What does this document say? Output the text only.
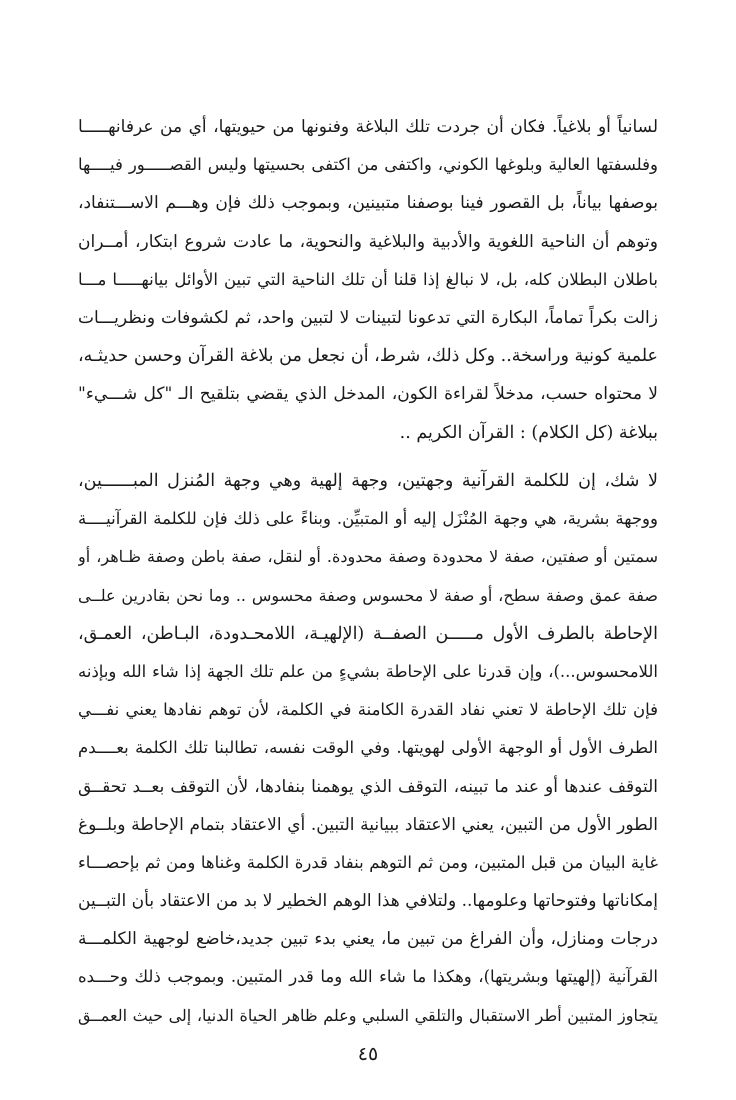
لسانياً أو بلاغياً. فكان أن جردت تلك البلاغة وفنونها من حيويتها، أي من عرفانه‍ـــــا
وفلسفتها العالية وبلوغها الكوني، واكتفى من اكتفى بحسيتها وليس القصـــــور فيــــها
بوصفها بياناً، بل القصور فينا بوصفنا متبينين، وبموجب ذلك فإن وهـــم الاســـتنفاد،
وتوهم أن الناحية اللغوية والأدبية والبلاغية والنحوية، ما عادت شروع ابتكار، أمــران
باطلان البطلان كله، بل، لا نبالغ إذا قلنا أن تلك الناحية التي تبين الأوائل بيانه‍ـــــا مـــا
زالت بكراً تماماً، البكارة التي تدعونا لتبينات لا لتبين واحد، ثم لكشوفات ونظريـــات
علمية كونية وراسخة.. وكل ذلك، شرط، أن نجعل من بلاغة القرآن وحسن حديثـه،
لا محتواه حسب، مدخلاً لقراءة الكون، المدخل الذي يقضي بتلقيح الـ "كل شـــيء"
ببلاغة (كل الكلام) : القرآن الكريم ..
لا شك، إن للكلمة القرآنية وجهتين، وجهة إلهية وهي وجهة المُنزل المبــــــين،
ووجهة بشرية، هي وجهة المُنْزَل إليه أو المتبيِّن. وبناءً على ذلك فإن للكلمة القرآنيــــة
سمتين أو صفتين، صفة لا محدودة وصفة محدودة. أو لنقل، صفة باطن وصفة ظـاهر، أو
صفة عمق وصفة سطح، أو صفة لا محسوس وصفة محسوس .. وما نحن بقادرين علــى
الإحاطة بالطرف الأول مـــــن الصفــة (الإلهيـة، اللامحـدودة، البـاطن، العمـق،
اللامحسوس...)، وإن قدرنا على الإحاطة بشيءٍ من علم تلك الجهة إذا شاء الله وبإذنه
فإن تلك الإحاطة لا تعني نفاد القدرة الكامنة في الكلمة، لأن توهم نفادها يعني نفـــي
الطرف الأول أو الوجهة الأولى لهويتها. وفي الوقت نفسه، تطالبنا تلك الكلمة بعــــدم
التوقف عندها أو عند ما تبينه، التوقف الذي يوهمنا بنفادها، لأن التوقف بعــد تحقــق
الطور الأول من التبين، يعني الاعتقاد ببيانية التبين. أي الاعتقاد بتمام الإحاطة وبلــوغ
غاية البيان من قبل المتبين، ومن ثم التوهم بنفاد قدرة الكلمة وغناها ومن ثم بإحصـــاء
إمكاناتها وفتوحاتها وعلومها.. ولتلافي هذا الوهم الخطير لا بد من الاعتقاد بأن التبــين
درجات ومنازل، وأن الفراغ من تبين ما، يعني بدء تبين جديد،خاضع لوجهية الكلمـــة
القرآنية (إلهيتها وبشريتها)، وهكذا ما شاء الله وما قدر المتبين. وبموجب ذلك وحـــده
يتجاوز المتبين أطر الاستقبال والتلقي السلبي وعلم ظاهر الحياة الدنيا، إلى حيث العمــق
٤٥
